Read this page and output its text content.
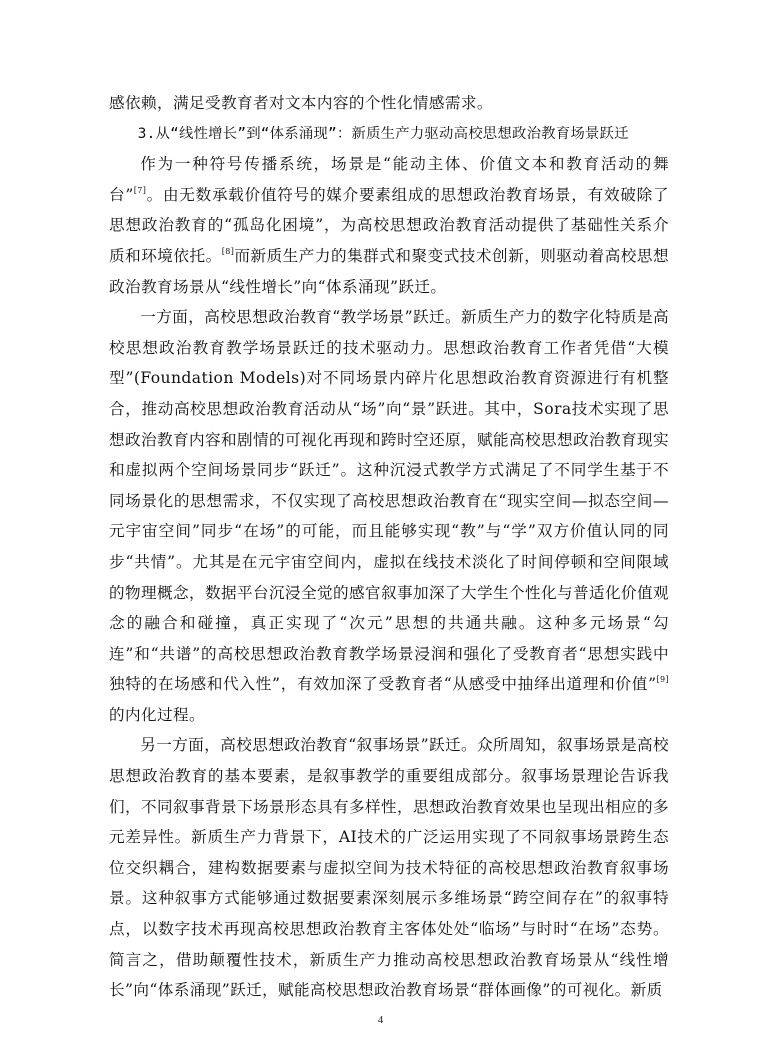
感依赖，满足受教育者对文本内容的个性化情感需求。

3.从“线性增长”到“体系涌现”：新质生产力驱动高校思想政治教育场景跃迁

作为一种符号传播系统，场景是“能动主体、价值文本和教育活动的舞台”[7]。由无数承载价值符号的媒介要素组成的思想政治教育场景，有效破除了思想政治教育的“孤岛化困境”，为高校思想政治教育活动提供了基础性关系介质和环境依托。[8]而新质生产力的集群式和聚变式技术创新，则驱动着高校思想政治教育场景从“线性增长”向“体系涌现”跃迁。

一方面，高校思想政治教育“教学场景”跃迁。新质生产力的数字化特质是高校思想政治教育教学场景跃迁的技术驱动力。思想政治教育工作者凭借“大模型”(Foundation Models)对不同场景内碎片化思想政治教育资源进行有机整合，推动高校思想政治教育活动从“场”向“景”跃进。其中，Sora技术实现了思想政治教育内容和剧情的可视化再现和跨时空还原，赋能高校思想政治教育现实和虚拟两个空间场景同步“跃迁”。这种沉浸式教学方式满足了不同学生基于不同场景化的思想需求，不仅实现了高校思想政治教育在“现实空间—拟态空间—元宇宙空间”同步“在场”的可能，而且能够实现“教”与“学”双方价值认同的同步“共情”。尤其是在元宇宙空间内，虚拟在线技术淡化了时间停顿和空间限域的物理概念，数据平台沉浸全觉的感官叙事加深了大学生个性化与普适化价值观念的融合和碰撞，真正实现了“次元”思想的共通共融。这种多元场景“勾连”和“共谱”的高校思想政治教育教学场景浸润和强化了受教育者“思想实践中独特的在场感和代入性”，有效加深了受教育者“从感受中抽绎出道理和价值”[9]的内化过程。

另一方面，高校思想政治教育“叙事场景”跃迁。众所周知，叙事场景是高校思想政治教育的基本要素，是叙事教学的重要组成部分。叙事场景理论告诉我们，不同叙事背景下场景形态具有多样性，思想政治教育效果也呈现出相应的多元差异性。新质生产力背景下，AI技术的广泛运用实现了不同叙事场景跨生态位交织耦合，建构数据要素与虚拟空间为技术特征的高校思想政治教育叙事场景。这种叙事方式能够通过数据要素深刻展示多维场景“跨空间存在”的叙事特点，以数字技术再现高校思想政治教育主客体处处“临场”与时时“在场”态势。简言之，借助颠覆性技术，新质生产力推动高校思想政治教育场景从“线性增长”向“体系涌现”跃迁，赋能高校思想政治教育场景“群体画像”的可视化。新质

4
